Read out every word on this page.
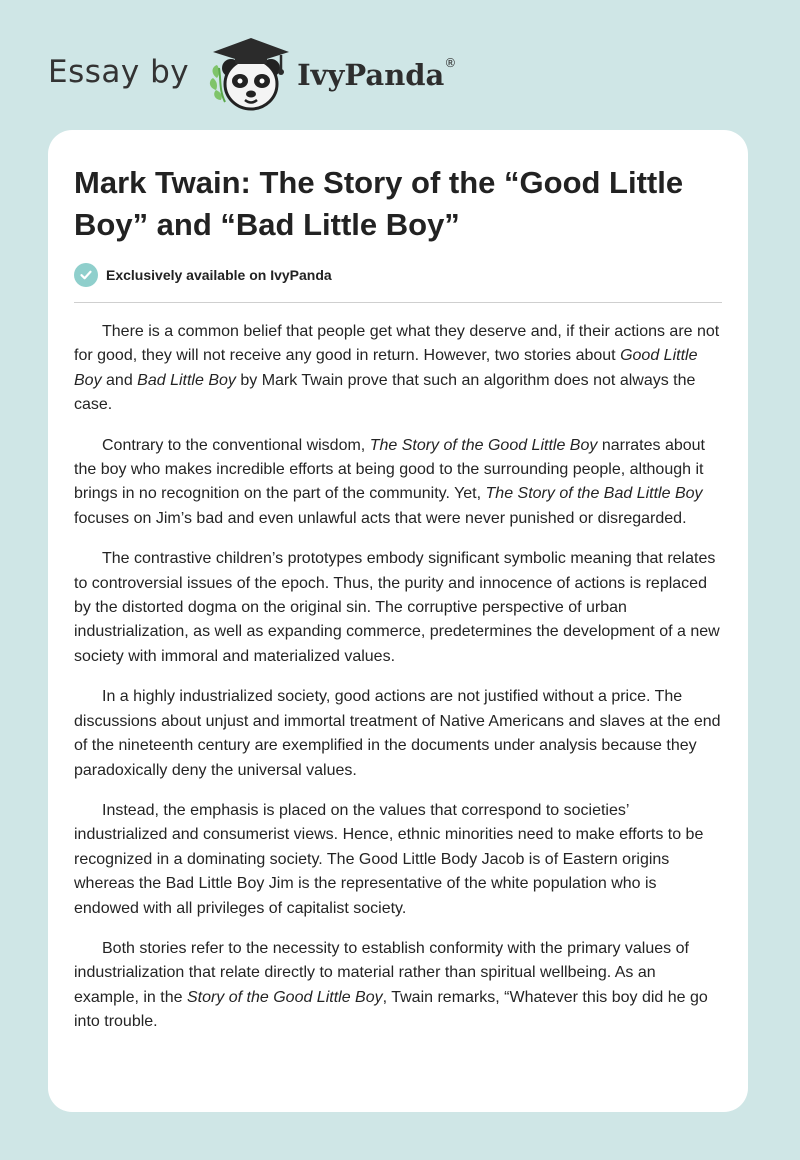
Essay by	IvyPanda®
Mark Twain: The Story of the “Good Little Boy” and “Bad Little Boy”
Exclusively available on IvyPanda

There is a common belief that people get what they deserve and, if their actions are not for good, they will not receive any good in return. However, two stories about Good Little Boy and Bad Little Boy by Mark Twain prove that such an algorithm does not always the case.

Contrary to the conventional wisdom, The Story of the Good Little Boy narrates about the boy who makes incredible efforts at being good to the surrounding people, although it brings in no recognition on the part of the community. Yet, The Story of the Bad Little Boy focuses on Jim’s bad and even unlawful acts that were never punished or disregarded.

The contrastive children’s prototypes embody significant symbolic meaning that relates to controversial issues of the epoch. Thus, the purity and innocence of actions is replaced by the distorted dogma on the original sin. The corruptive perspective of urban industrialization, as well as expanding commerce, predetermines the development of a new society with immoral and materialized values.

In a highly industrialized society, good actions are not justified without a price. The discussions about unjust and immortal treatment of Native Americans and slaves at the end of the nineteenth century are exemplified in the documents under analysis because they paradoxically deny the universal values.

Instead, the emphasis is placed on the values that correspond to societies’ industrialized and consumerist views. Hence, ethnic minorities need to make efforts to be recognized in a dominating society. The Good Little Body Jacob is of Eastern origins whereas the Bad Little Boy Jim is the representative of the white population who is endowed with all privileges of capitalist society.

Both stories refer to the necessity to establish conformity with the primary values of industrialization that relate directly to material rather than spiritual wellbeing. As an example, in the Story of the Good Little Boy, Twain remarks, “Whatever this boy did he go into trouble.
